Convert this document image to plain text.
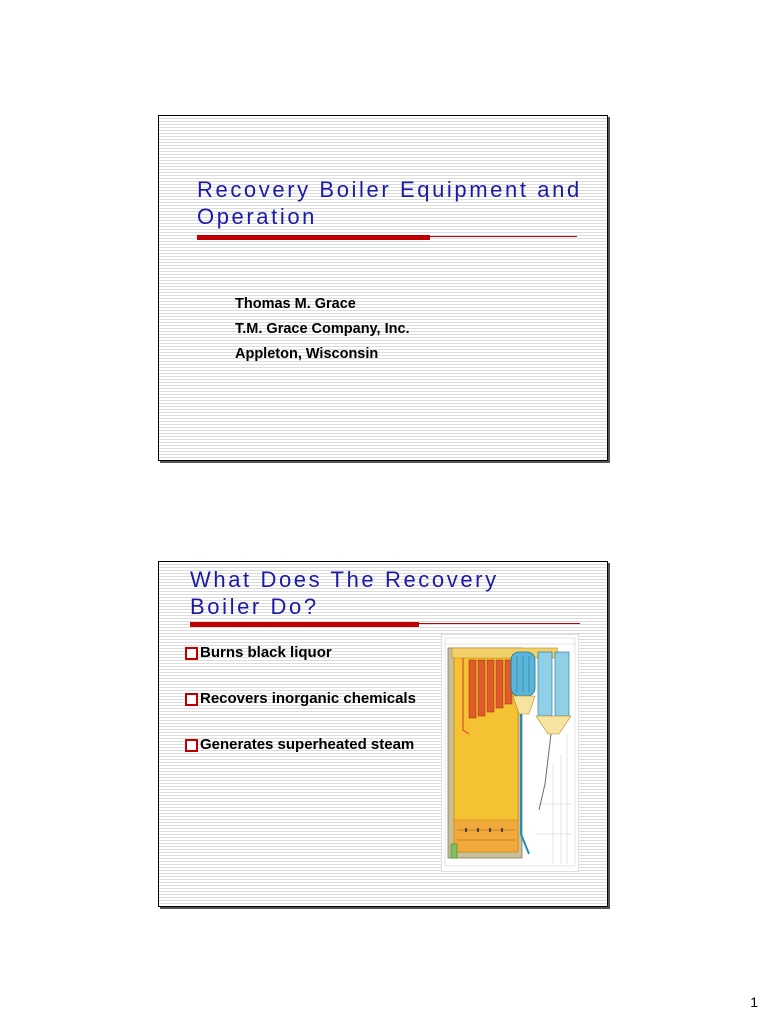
Recovery Boiler Equipment and Operation
Thomas M. Grace
T.M. Grace Company, Inc.
Appleton, Wisconsin
What Does The Recovery Boiler Do?
Burns black liquor
Recovers inorganic chemicals
Generates superheated steam
1
